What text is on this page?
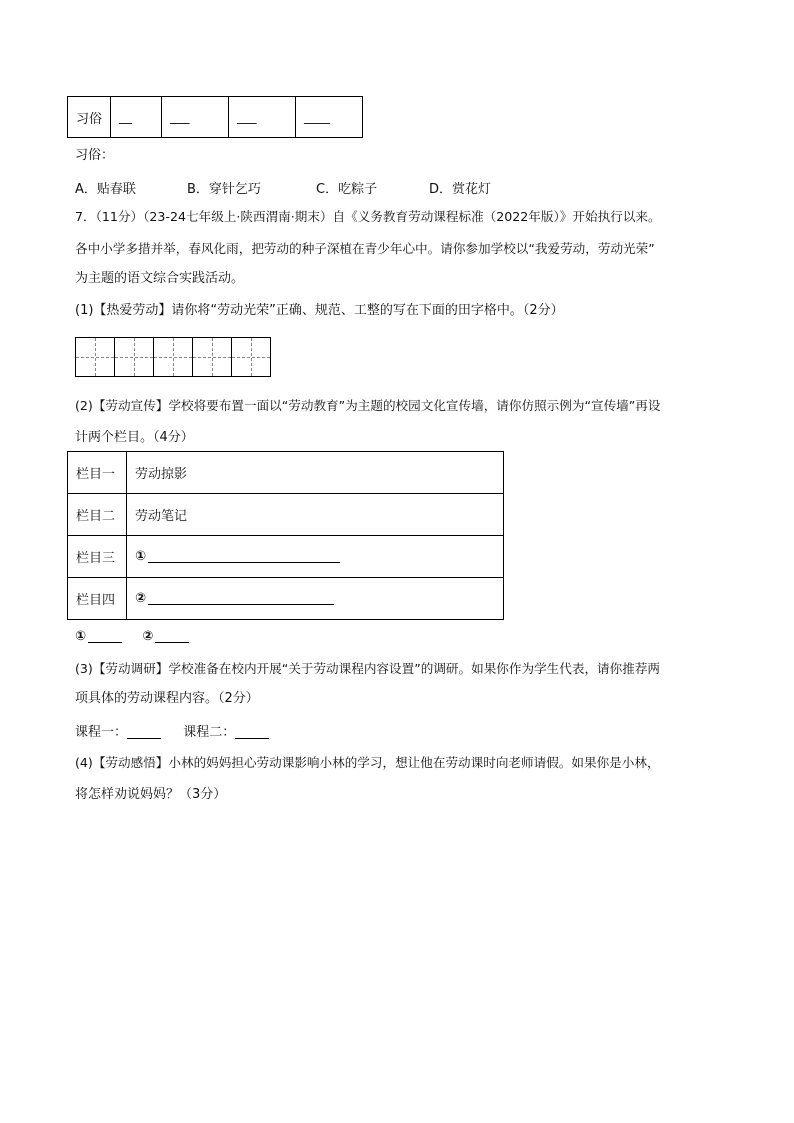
习俗	__	___	___	____
习俗：
A．贴春联	B．穿针乞巧	C．吃粽子	D．赏花灯
7．（11分）（23-24七年级上·陕西渭南·期末）自《义务教育劳动课程标准（2022年版）》开始执行以来。
各中小学多措并举，春风化雨，把劳动的种子深植在青少年心中。请你参加学校以“我爱劳动，劳动光荣”
为主题的语文综合实践活动。
(1)【热爱劳动】请你将“劳动光荣”正确、规范、工整的写在下面的田字格中。（2分）
(2)【劳动宣传】学校将要布置一面以“劳动教育”为主题的校园文化宣传墙，请你仿照示例为“宣传墙”再设
计两个栏目。（4分）
栏目一	劳动掠影
栏目二	劳动笔记
栏目三	①
栏目四	②
①	②
(3)【劳动调研】学校准备在校内开展“关于劳动课程内容设置”的调研。如果你作为学生代表，请你推荐两
项具体的劳动课程内容。（2分）
课程一：	课程二：
(4)【劳动感悟】小林的妈妈担心劳动课影响小林的学习，想让他在劳动课时向老师请假。如果你是小林，
将怎样劝说妈妈？（3分）
